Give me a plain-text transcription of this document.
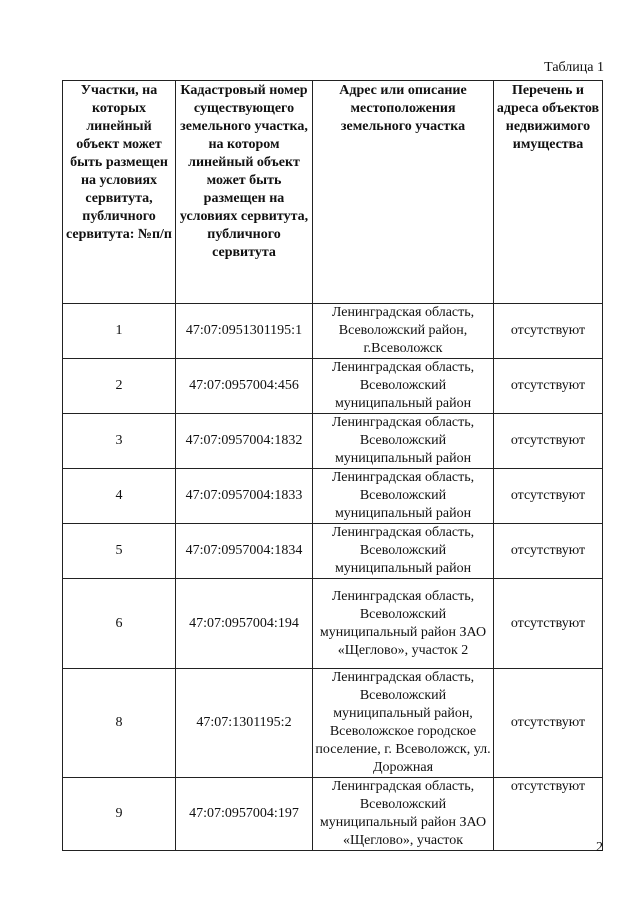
Таблица 1
Участки, на которых линейный объект может быть размещен на условиях сервитута, публичного сервитута: №п/п	Кадастровый номер существующего земельного участка, на котором линейный объект может быть размещен на условиях сервитута, публичного сервитута	Адрес или описание местоположения земельного участка	Перечень и адреса объектов недвижимого имущества
1	47:07:0951301195:1	Ленинградская область, Всеволожский район, г.Всеволожск	отсутствуют
2	47:07:0957004:456	Ленинградская область, Всеволожский муниципальный район	отсутствуют
3	47:07:0957004:1832	Ленинградская область, Всеволожский муниципальный район	отсутствуют
4	47:07:0957004:1833	Ленинградская область, Всеволожский муниципальный район	отсутствуют
5	47:07:0957004:1834	Ленинградская область, Всеволожский муниципальный район	отсутствуют
6	47:07:0957004:194	Ленинградская область, Всеволожский муниципальный район ЗАО «Щеглово», участок 2	отсутствуют
8	47:07:1301195:2	Ленинградская область, Всеволожский муниципальный район, Всеволожское городское поселение, г. Всеволожск, ул. Дорожная	отсутствуют
9	47:07:0957004:197	Ленинградская область, Всеволожский муниципальный район ЗАО «Щеглово», участок	отсутствуют
2
